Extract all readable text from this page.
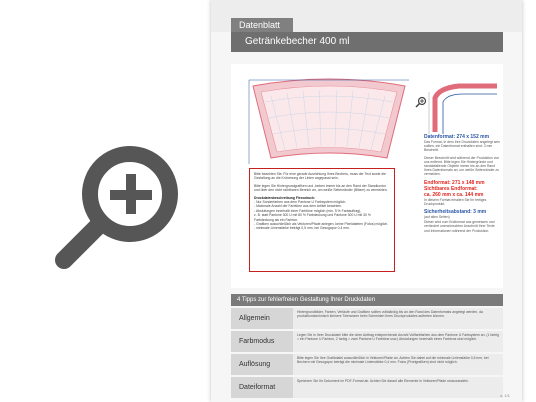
Datenblatt
Getränkebecher 400 ml

Bitte beachten Sie: Für eine gerade Ausrichtung Ihres Bechers, muss der Text sowie die Gestaltung an die Krümmung der Linien angepasst sein.

Bitte legen Sie Hintergrundgrafiken und -farben immer bis an den Rand der Standkontur und über den nicht sichtbaren Bereich an, um weiße Seitenränder (Blitzer) zu vermeiden.

Druckdatenbeschreibung Flexodruck:

- Nur Sonderfarben aus dem Pantone U Farbsystem möglich.

- Maximale Anzahl der Farbtöne aus dem Artikel beachten.

- Abstufungen innerhalb einer Farbtöne möglich (min. 5 % Farbauftrag),

z. B. statt Pantone 300 U mit 80 % Farbdeckung und Pantone 300 U mit 30 % Farbdeckung als ein Farbton.

- Grafiken ausschließlich als Vektoren/Pfade anlegen, keine Pixeldateien (Fotos) möglich.

- minimale Linienstärke beträgt 0,5 mm, bei Gesogapor 0,4 mm.

Datenformat: 274 x 152 mm
Das Format, in dem Ihre Druckdaten angelegt sein sollten, ein Datenformat enthalten sind: 3 mm Beschnitt.
Dieser Beschnitt wird während der Produktion von uns entfernt. Bitte legen Sie Hintergründe und randabfallende Objekte immer bis an den Rand Ihres Datenformats an, um weiße Seitenränder zu vermeiden.
Endformat: 271 x 148 mm
Sichtbares Endformat:
ca. 260 mm x ca. 144 mm
In diesem Format erhalten Sie Ihr fertiges Druckprodukt.
Sicherheitsabstand: 3 mm
(auf allen Seiten)
Dieser wird vom Endformat aus gemessen und verhindert unerwünschten Anschnitt Ihrer Texte und Informationen während der Produktion.
4 Tipps zur fehlerfreien Gestaltung Ihrer Druckdaten
Allgemein
Hintergrundbilder, Farben, Verläufe und Grafiken sollten vollständig bis an den Rand des Datenformats angelegt werden, da produktionstechnisch kleinere Toleranzen beim Schneiden Ihres Druckproduktes auftreten können.
Farbmodus
Legen Sie in Ihrer Druckdatei bitte die oben Auftrag entsprechende Anzahl Vollfarbfarben aus dem Pantone U Farbsystem an. (1 farbig = ein Pantone U Farbton, 2 farbig = zwei Pantone U Farbtöne usw.) Abstufungen innerhalb eines Farbtons sind möglich.
Auflösung
Bitte legen Sie Ihre Grafikdatei ausschließlich in Vektoren/Pfade an. Achten Sie dabei auf die minimale Linienstärke 0,5 mm, bei Bechern mit Gesogapor beträgt die minimale Linienstärke 0,4 mm. Fotos (Pixelgrafiken) sind nicht möglich.
Dateiformat
Speichern Sie Ihr Dokument im PDF-Format ab. Achten Sie darauf alle Elemente in Vektoren/Pfade umzuwandeln.
s. 1/1
